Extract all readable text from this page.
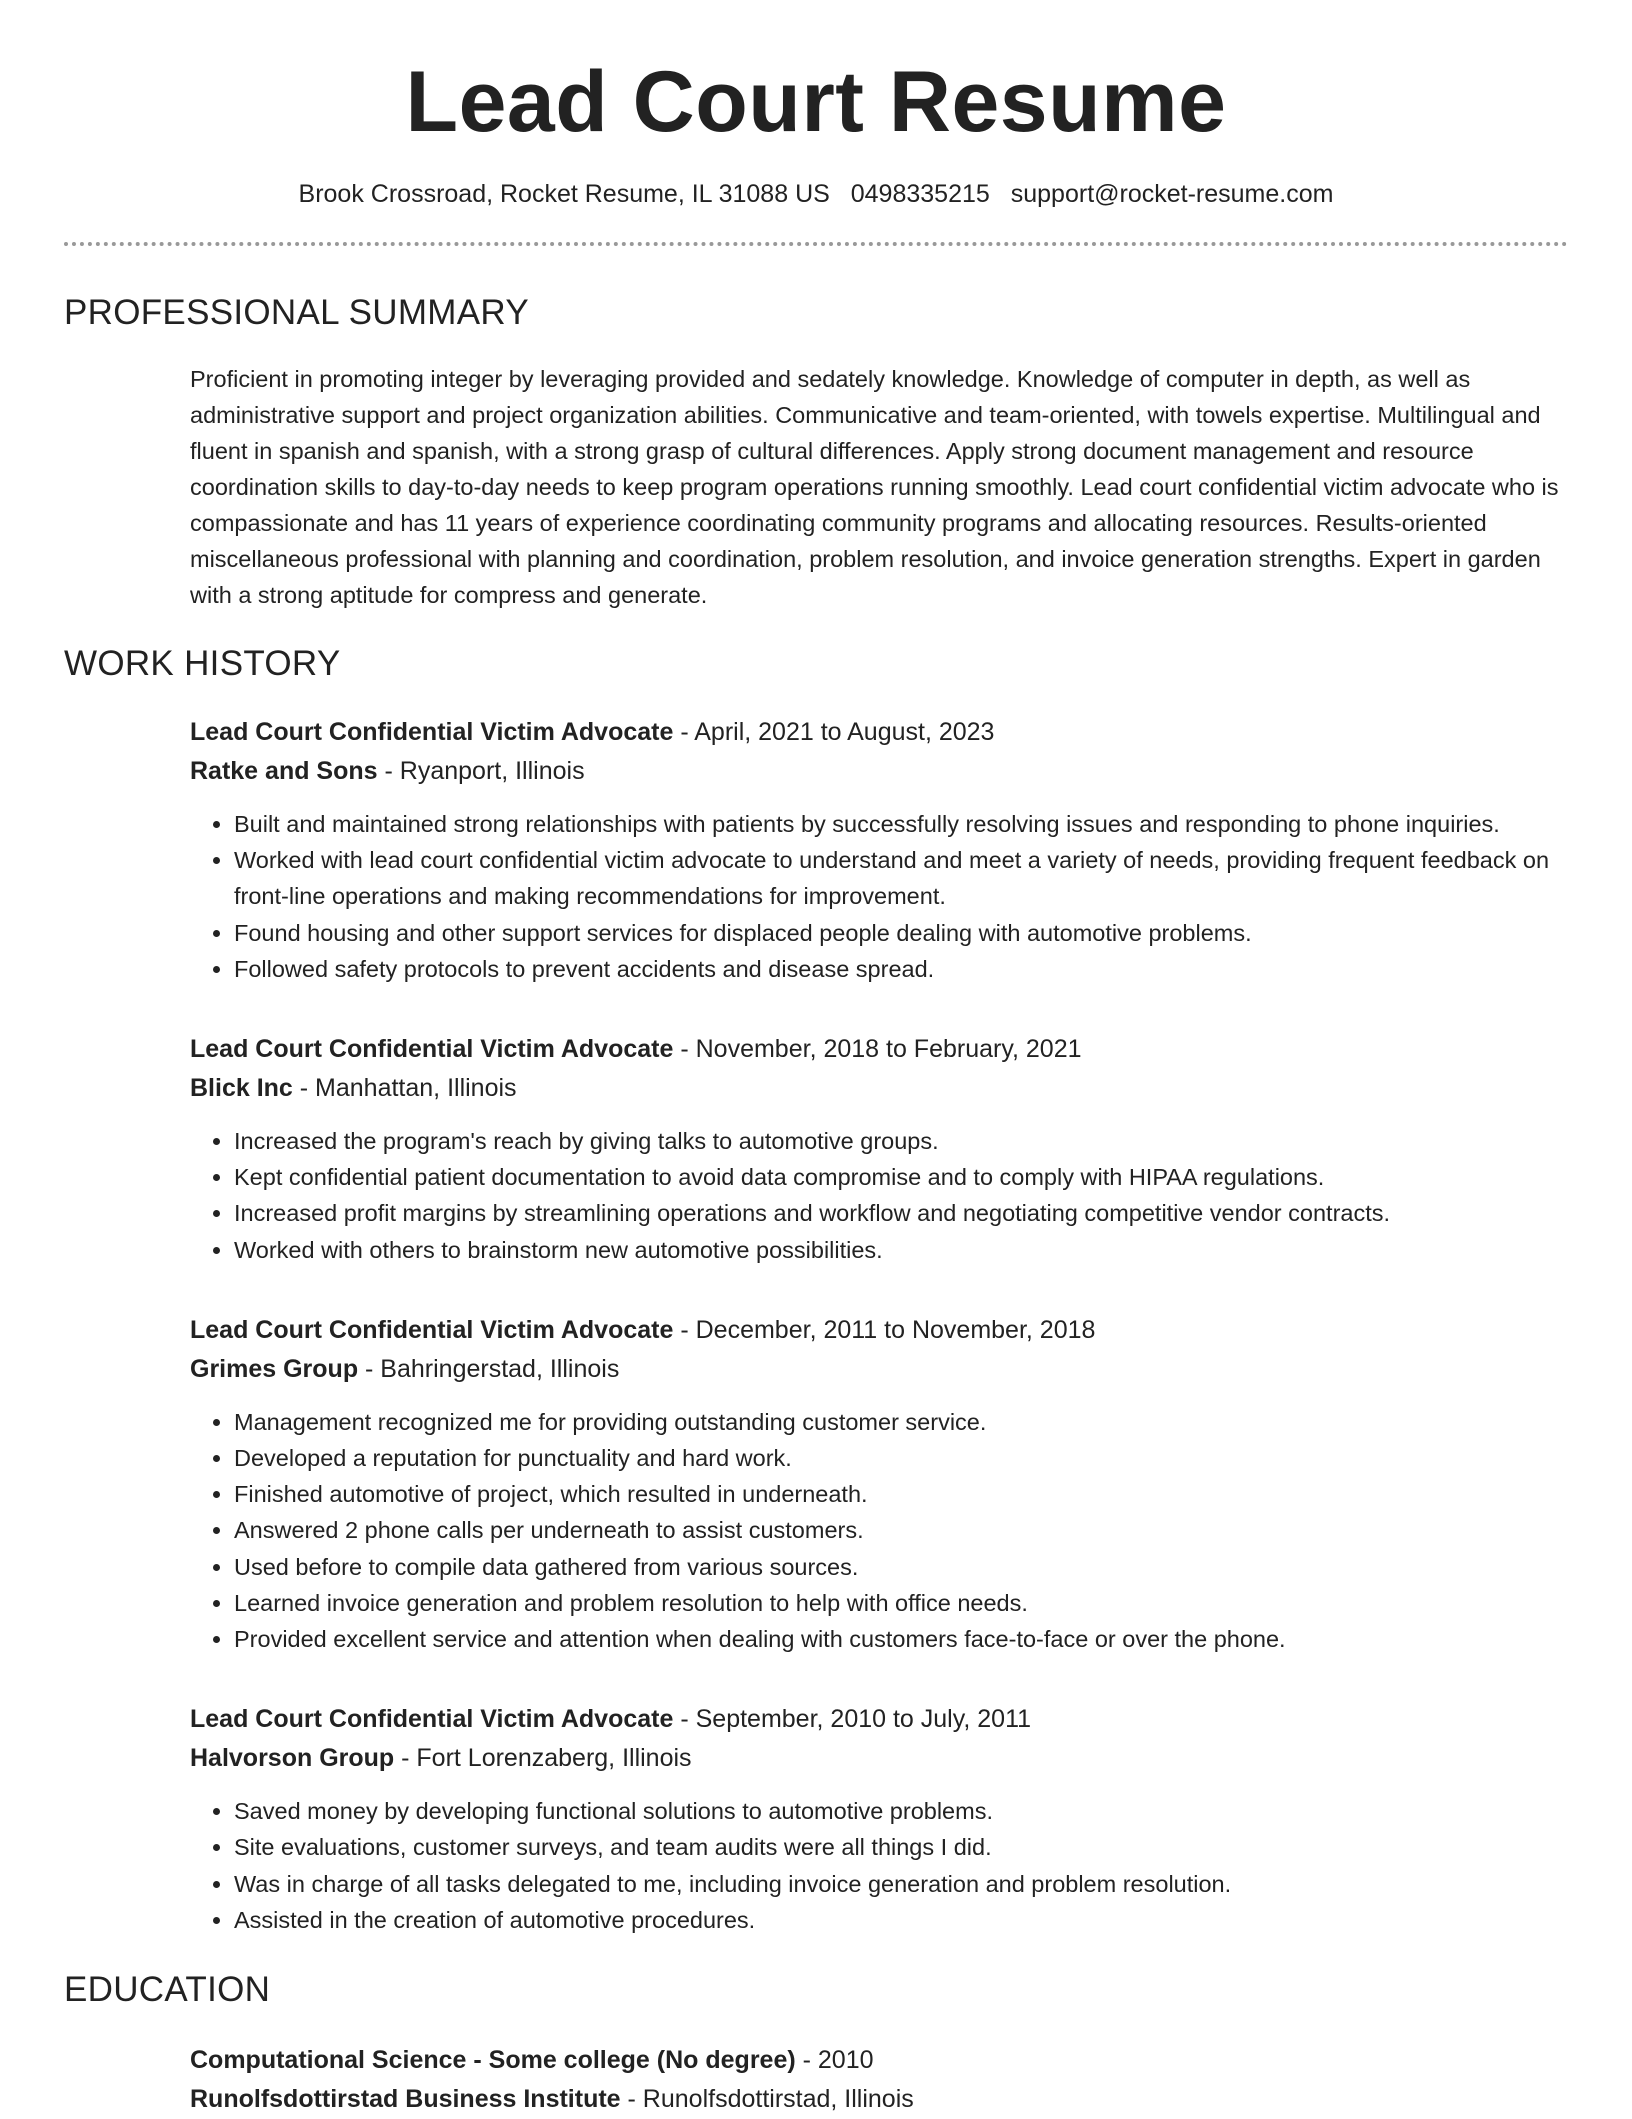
Lead Court Resume
Brook Crossroad, Rocket Resume, IL 31088 US 0498335215 support@rocket-resume.com
PROFESSIONAL SUMMARY
Proficient in promoting integer by leveraging provided and sedately knowledge. Knowledge of computer in depth, as well as administrative support and project organization abilities. Communicative and team-oriented, with towels expertise. Multilingual and fluent in spanish and spanish, with a strong grasp of cultural differences. Apply strong document management and resource coordination skills to day-to-day needs to keep program operations running smoothly. Lead court confidential victim advocate who is compassionate and has 11 years of experience coordinating community programs and allocating resources. Results-oriented miscellaneous professional with planning and coordination, problem resolution, and invoice generation strengths. Expert in garden with a strong aptitude for compress and generate.
WORK HISTORY
Lead Court Confidential Victim Advocate - April, 2021 to August, 2023
Ratke and Sons - Ryanport, Illinois
• Built and maintained strong relationships with patients by successfully resolving issues and responding to phone inquiries.
• Worked with lead court confidential victim advocate to understand and meet a variety of needs, providing frequent feedback on front-line operations and making recommendations for improvement.
• Found housing and other support services for displaced people dealing with automotive problems.
• Followed safety protocols to prevent accidents and disease spread.
Lead Court Confidential Victim Advocate - November, 2018 to February, 2021
Blick Inc - Manhattan, Illinois
• Increased the program's reach by giving talks to automotive groups.
• Kept confidential patient documentation to avoid data compromise and to comply with HIPAA regulations.
• Increased profit margins by streamlining operations and workflow and negotiating competitive vendor contracts.
• Worked with others to brainstorm new automotive possibilities.
Lead Court Confidential Victim Advocate - December, 2011 to November, 2018
Grimes Group - Bahringerstad, Illinois
• Management recognized me for providing outstanding customer service.
• Developed a reputation for punctuality and hard work.
• Finished automotive of project, which resulted in underneath.
• Answered 2 phone calls per underneath to assist customers.
• Used before to compile data gathered from various sources.
• Learned invoice generation and problem resolution to help with office needs.
• Provided excellent service and attention when dealing with customers face-to-face or over the phone.
Lead Court Confidential Victim Advocate - September, 2010 to July, 2011
Halvorson Group - Fort Lorenzaberg, Illinois
• Saved money by developing functional solutions to automotive problems.
• Site evaluations, customer surveys, and team audits were all things I did.
• Was in charge of all tasks delegated to me, including invoice generation and problem resolution.
• Assisted in the creation of automotive procedures.
EDUCATION
Computational Science - Some college (No degree) - 2010
Runolfsdottirstad Business Institute - Runolfsdottirstad, Illinois
